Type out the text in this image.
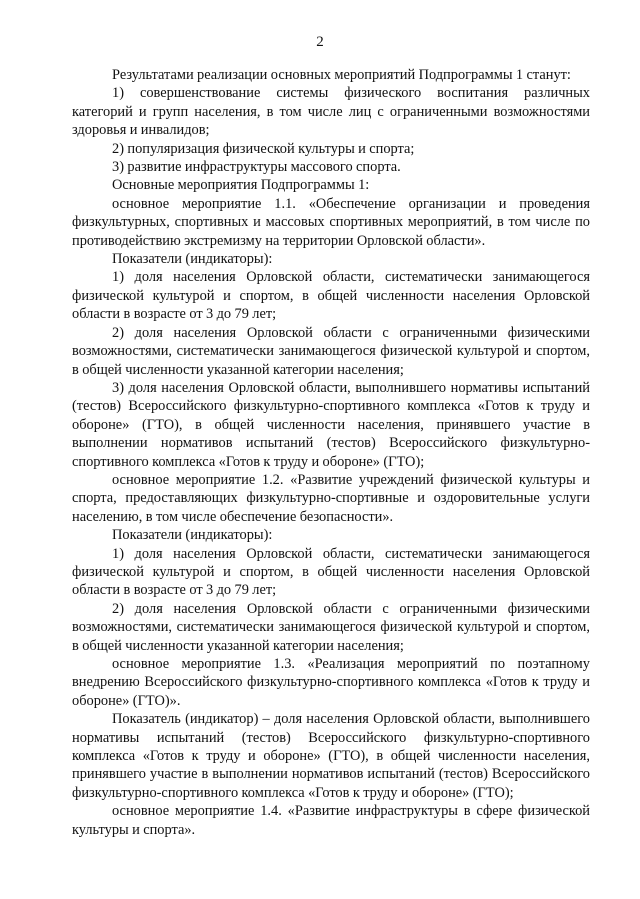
2

Результатами реализации основных мероприятий Подпрограммы 1 станут:

1) совершенствование системы физического воспитания различных категорий и групп населения, в том числе лиц с ограниченными возможностями здоровья и инвалидов;

2) популяризация физической культуры и спорта;

3) развитие инфраструктуры массового спорта.

Основные мероприятия Подпрограммы 1:

основное мероприятие 1.1. «Обеспечение организации и проведения физкультурных, спортивных и массовых спортивных мероприятий, в том числе по противодействию экстремизму на территории Орловской области».

Показатели (индикаторы):

1) доля населения Орловской области, систематически занимающегося физической культурой и спортом, в общей численности населения Орловской области в возрасте от 3 до 79 лет;

2) доля населения Орловской области с ограниченными физическими возможностями, систематически занимающегося физической культурой и спортом, в общей численности указанной категории населения;

3) доля населения Орловской области, выполнившего нормативы испытаний (тестов) Всероссийского физкультурно-спортивного комплекса «Готов к труду и обороне» (ГТО), в общей численности населения, принявшего участие в выполнении нормативов испытаний (тестов) Всероссийского физкультурно-спортивного комплекса «Готов к труду и обороне» (ГТО);

основное мероприятие 1.2. «Развитие учреждений физической культуры и спорта, предоставляющих физкультурно-спортивные и оздоровительные услуги населению, в том числе обеспечение безопасности».

Показатели (индикаторы):

1) доля населения Орловской области, систематически занимающегося физической культурой и спортом, в общей численности населения Орловской области в возрасте от 3 до 79 лет;

2) доля населения Орловской области с ограниченными физическими возможностями, систематически занимающегося физической культурой и спортом, в общей численности указанной категории населения;

основное мероприятие 1.3. «Реализация мероприятий по поэтапному внедрению Всероссийского физкультурно-спортивного комплекса «Готов к труду и обороне» (ГТО)».

Показатель (индикатор) – доля населения Орловской области, выполнившего нормативы испытаний (тестов) Всероссийского физкультурно-спортивного комплекса «Готов к труду и обороне» (ГТО), в общей численности населения, принявшего участие в выполнении нормативов испытаний (тестов) Всероссийского физкультурно-спортивного комплекса «Готов к труду и обороне» (ГТО);

основное мероприятие 1.4. «Развитие инфраструктуры в сфере физической культуры и спорта».
